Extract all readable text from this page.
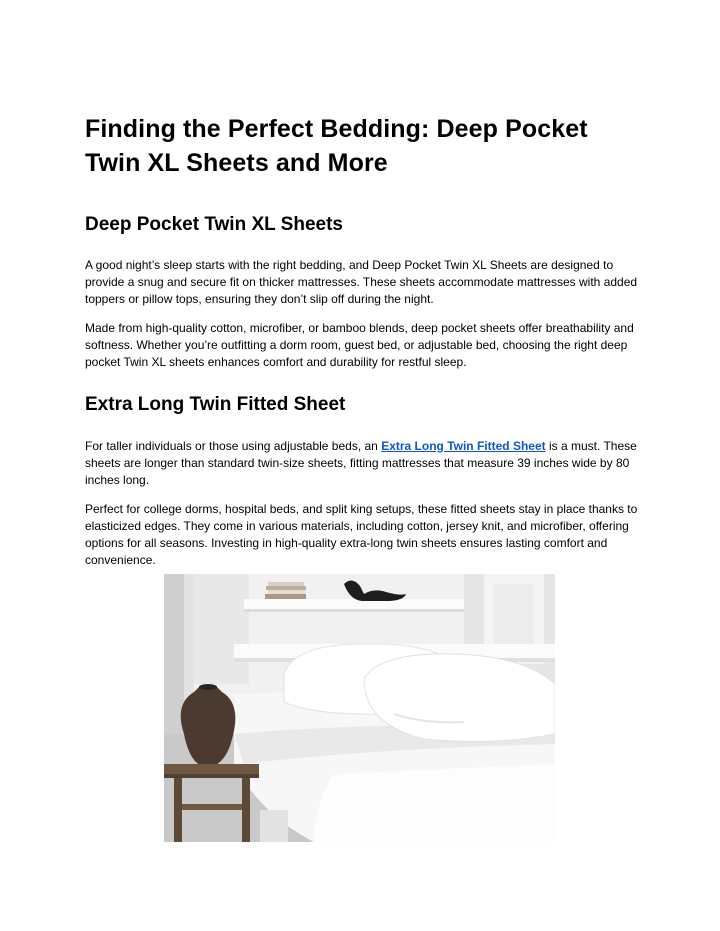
Finding the Perfect Bedding: Deep Pocket Twin XL Sheets and More
Deep Pocket Twin XL Sheets

A good night’s sleep starts with the right bedding, and Deep Pocket Twin XL Sheets are designed to provide a snug and secure fit on thicker mattresses. These sheets accommodate mattresses with added toppers or pillow tops, ensuring they don’t slip off during the night.

Made from high-quality cotton, microfiber, or bamboo blends, deep pocket sheets offer breathability and softness. Whether you’re outfitting a dorm room, guest bed, or adjustable bed, choosing the right deep pocket Twin XL sheets enhances comfort and durability for restful sleep.

Extra Long Twin Fitted Sheet

For taller individuals or those using adjustable beds, an Extra Long Twin Fitted Sheet is a must. These sheets are longer than standard twin-size sheets, fitting mattresses that measure 39 inches wide by 80 inches long.

Perfect for college dorms, hospital beds, and split king setups, these fitted sheets stay in place thanks to elasticized edges. They come in various materials, including cotton, jersey knit, and microfiber, offering options for all seasons. Investing in high-quality extra-long twin sheets ensures lasting comfort and convenience.
